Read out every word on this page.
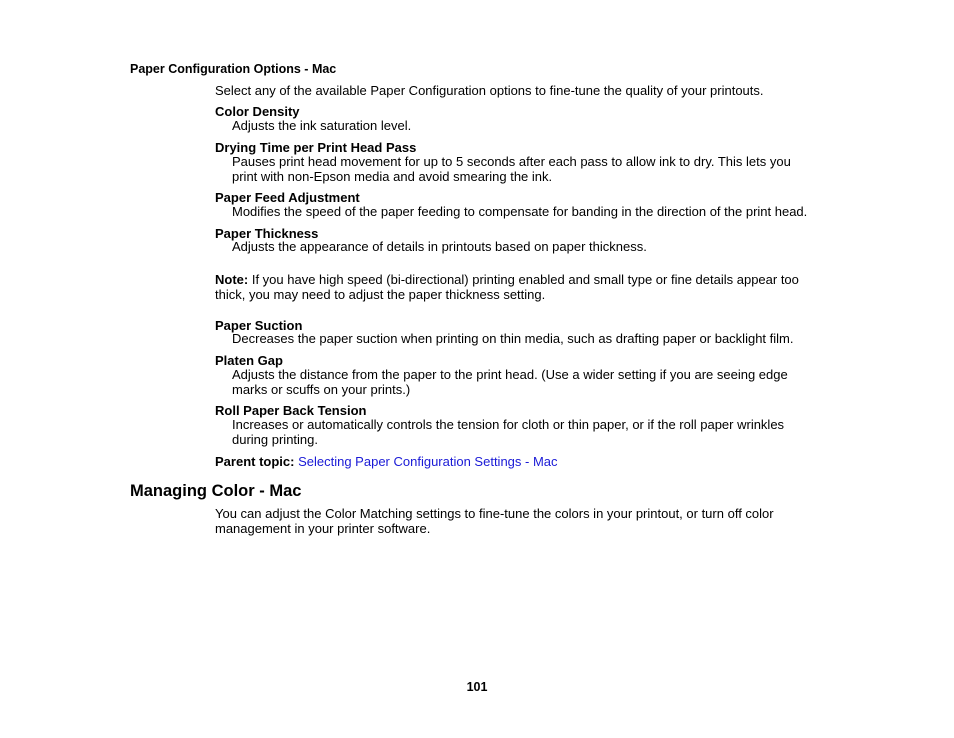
Paper Configuration Options - Mac
Select any of the available Paper Configuration options to fine-tune the quality of your printouts.
Color Density
Adjusts the ink saturation level.
Drying Time per Print Head Pass
Pauses print head movement for up to 5 seconds after each pass to allow ink to dry. This lets you print with non-Epson media and avoid smearing the ink.
Paper Feed Adjustment
Modifies the speed of the paper feeding to compensate for banding in the direction of the print head.
Paper Thickness
Adjusts the appearance of details in printouts based on paper thickness.
Note: If you have high speed (bi-directional) printing enabled and small type or fine details appear too thick, you may need to adjust the paper thickness setting.
Paper Suction
Decreases the paper suction when printing on thin media, such as drafting paper or backlight film.
Platen Gap
Adjusts the distance from the paper to the print head. (Use a wider setting if you are seeing edge marks or scuffs on your prints.)
Roll Paper Back Tension
Increases or automatically controls the tension for cloth or thin paper, or if the roll paper wrinkles during printing.
Parent topic: Selecting Paper Configuration Settings - Mac
Managing Color - Mac
You can adjust the Color Matching settings to fine-tune the colors in your printout, or turn off color management in your printer software.
101
